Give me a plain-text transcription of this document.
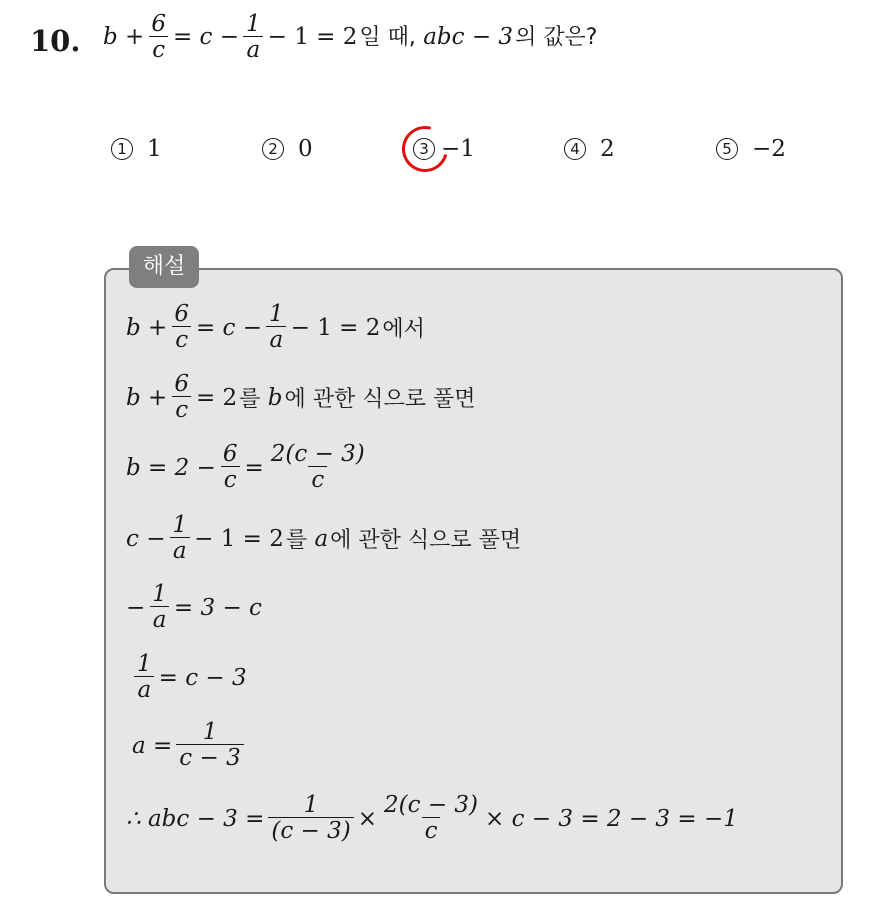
10. b
+ $\frac{6}{c} = c - \frac{1}{a} - 1 = 2$ 일 때,
abc − 3 의 값은?
1 1	2 0	3 −1	4 2	5 −2
해설
$b + \frac{6}{c} = c - \frac{1}{a} - 1 = 2$ 에서
$b + \frac{6}{c} = 2$ 를
b 에 관한 식으로 풀면
$b = 2 - \frac{6}{c} = \frac{2(c - 3)}{c}$
$c - \frac{1}{a} - 1 = 2$ 를
a 에 관한 식으로 풀면
− $\frac{1}{a} = 3 - c$
$\frac{1}{a} = c - 3$
$a = \frac{1}{c - 3}$
∴ abc − $3 = \frac{1}{(c - 3)} \times \frac{2(c - 3)}{c} \times c - 3 = 2 - 3 = -1$
